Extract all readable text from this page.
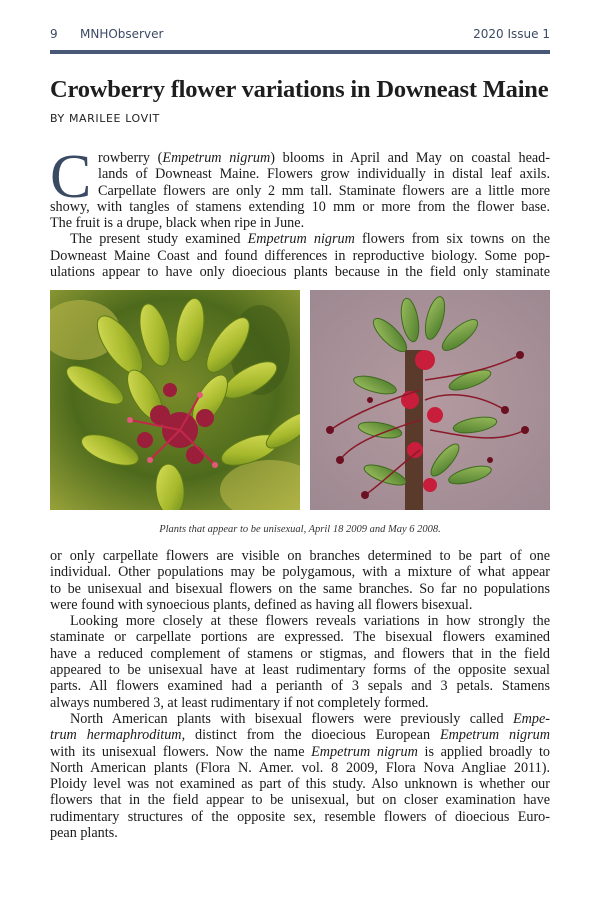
9 MNHObserver	2020 Issue 1
Crowberry flower variations in Downeast Maine
BY MARILEE LOVIT
C rowberry (Empetrum nigrum) blooms in April and May on coastal head-
lands of Downeast Maine. Flowers grow individually in distal leaf axils.
Carpellate flowers are only 2 mm tall. Staminate flowers are a little more
showy, with tangles of stamens extending 10 mm or more from the flower base.
The fruit is a drupe, black when ripe in June.
The present study examined Empetrum nigrum flowers from six towns on the
Downeast Maine Coast and found differences in reproductive biology. Some pop-
ulations appear to have only dioecious plants because in the field only staminate
Plants that appear to be unisexual, April 18 2009 and May 6 2008.
or only carpellate flowers are visible on branches determined to be part of one
individual. Other populations may be polygamous, with a mixture of what appear
to be unisexual and bisexual flowers on the same branches. So far no populations
were found with synoecious plants, defined as having all flowers bisexual.
Looking more closely at these flowers reveals variations in how strongly the
staminate or carpellate portions are expressed. The bisexual flowers examined
have a reduced complement of stamens or stigmas, and flowers that in the field
appeared to be unisexual have at least rudimentary forms of the opposite sexual
parts. All flowers examined had a perianth of 3 sepals and 3 petals. Stamens
always numbered 3, at least rudimentary if not completely formed.
North American plants with bisexual flowers were previously called Empe-
trum hermaphroditum, distinct from the dioecious European Empetrum nigrum
with its unisexual flowers. Now the name Empetrum nigrum is applied broadly to
North American plants (Flora N. Amer. vol. 8 2009, Flora Nova Angliae 2011).
Ploidy level was not examined as part of this study. Also unknown is whether our
flowers that in the field appear to be unisexual, but on closer examination have
rudimentary structures of the opposite sex, resemble flowers of dioecious Euro-
pean plants.
